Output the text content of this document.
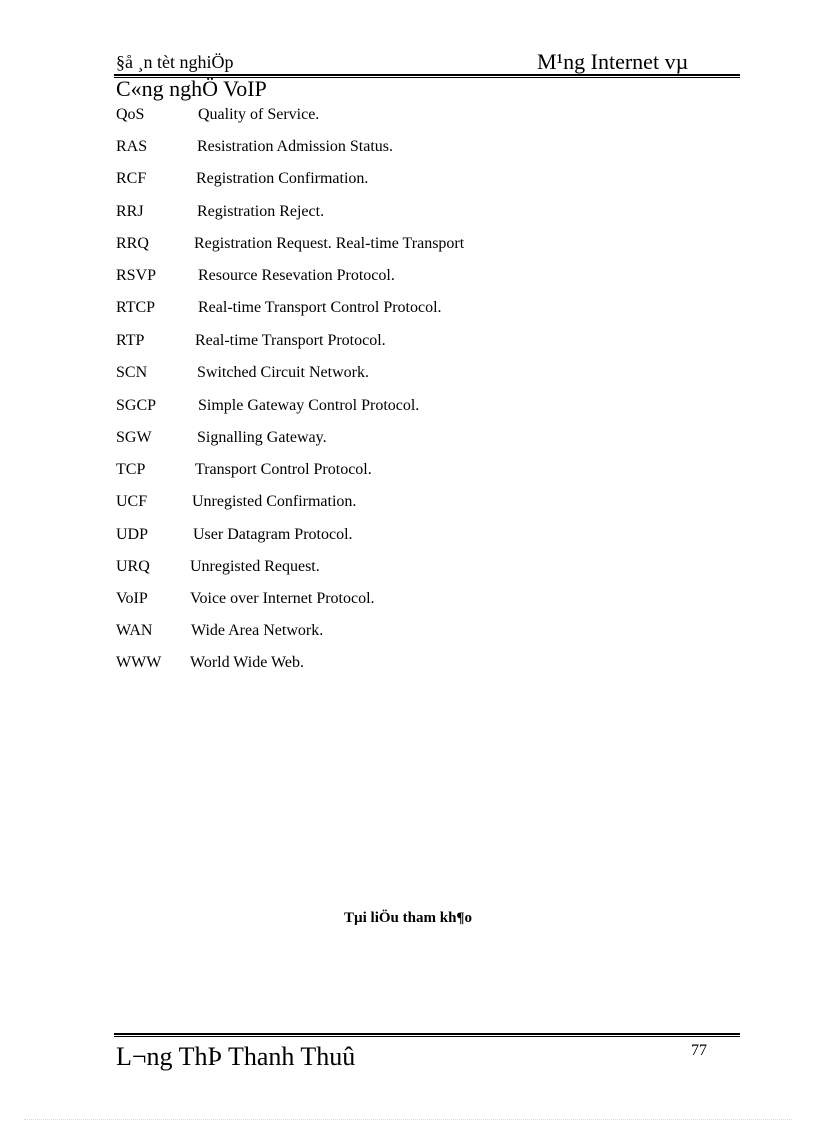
§å ¸n tèt nghiÖp	M¹ng Internet vµ
C«ng nghÖ VoIP
QoS	Quality of Service.
RAS	Resistration Admission Status.
RCF	Registration Confirmation.
RRJ	Registration Reject.
RRQ	Registration Request. Real-time Transport
RSVP	Resource Resevation Protocol.
RTCP	Real-time Transport Control Protocol.
RTP	Real-time Transport Protocol.
SCN	Switched Circuit Network.
SGCP	Simple Gateway Control Protocol.
SGW	Signalling Gateway.
TCP	Transport Control Protocol.
UCF	Unregisted Confirmation.
UDP	User Datagram Protocol.
URQ	Unregisted Request.
VoIP	Voice over Internet Protocol.
WAN Wide Area Network.
WWW World Wide Web.
Tµi liÖu tham kh¶o
L¬ng ThÞ Thanh Thuû	77
